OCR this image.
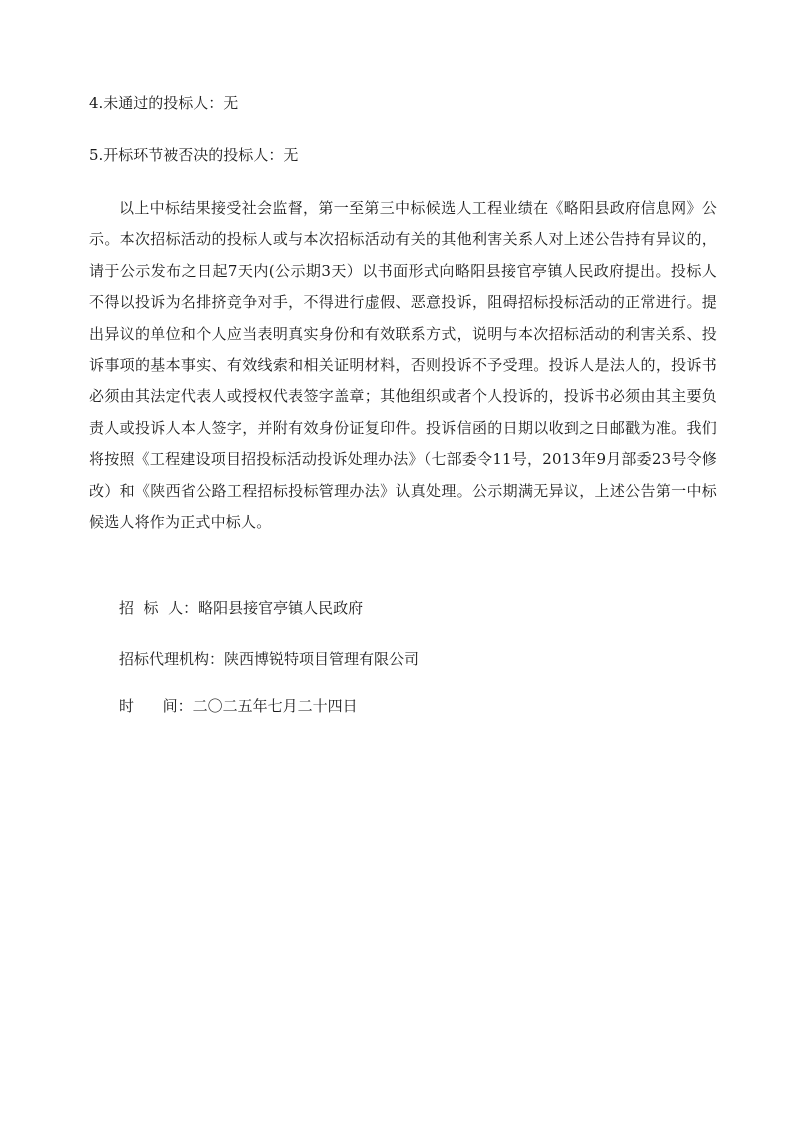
4.未通过的投标人：无
5.开标环节被否决的投标人：无
以上中标结果接受社会监督，第一至第三中标候选人工程业绩在《略阳县政府信息网》公示。本次招标活动的投标人或与本次招标活动有关的其他利害关系人对上述公告持有异议的，请于公示发布之日起7天内(公示期3天）以书面形式向略阳县接官亭镇人民政府提出。投标人不得以投诉为名排挤竞争对手，不得进行虚假、恶意投诉，阻碍招标投标活动的正常进行。提出异议的单位和个人应当表明真实身份和有效联系方式，说明与本次招标活动的利害关系、投诉事项的基本事实、有效线索和相关证明材料，否则投诉不予受理。投诉人是法人的，投诉书必须由其法定代表人或授权代表签字盖章；其他组织或者个人投诉的，投诉书必须由其主要负责人或投诉人本人签字，并附有效身份证复印件。投诉信函的日期以收到之日邮戳为准。我们将按照《工程建设项目招投标活动投诉处理办法》（七部委令11号，2013年9月部委23号令修改）和《陕西省公路工程招标投标管理办法》认真处理。公示期满无异议，上述公告第一中标候选人将作为正式中标人。
招  标  人：略阳县接官亭镇人民政府
招标代理机构：陕西博锐特项目管理有限公司
时      间：二〇二五年七月二十四日
